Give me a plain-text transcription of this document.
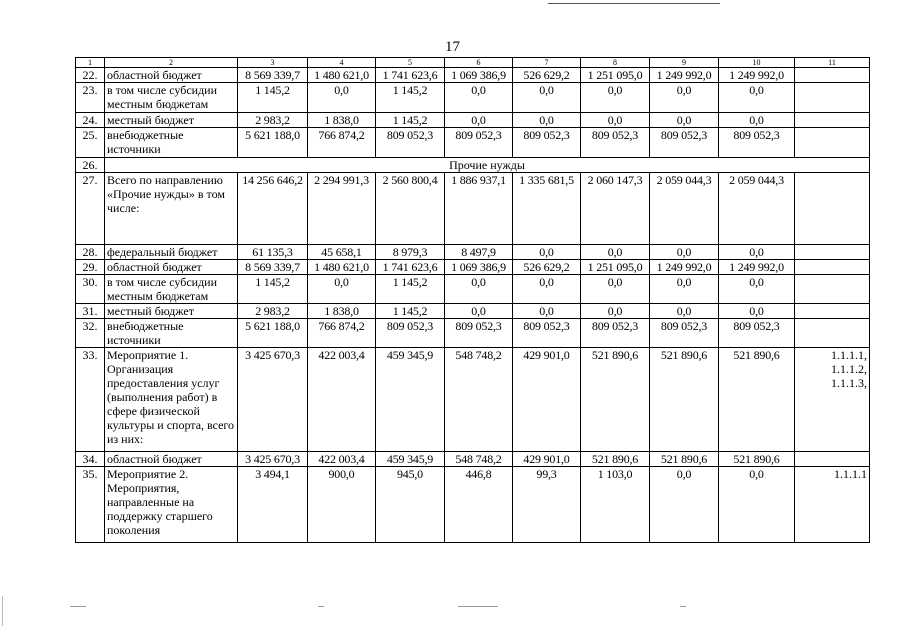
17
1	2	3	4	5	6	7	8	9	10	11
22.	областной бюджет	8 569 339,7	1 480 621,0	1 741 623,6	1 069 386,9	526 629,2	1 251 095,0	1 249 992,0	1 249 992,0	
23.	в том числе субсидии местным бюджетам	1 145,2	0,0	1 145,2	0,0	0,0	0,0	0,0	0,0	
24.	местный бюджет	2 983,2	1 838,0	1 145,2	0,0	0,0	0,0	0,0	0,0	
25.	внебюджетные источники	5 621 188,0	766 874,2	809 052,3	809 052,3	809 052,3	809 052,3	809 052,3	809 052,3	
26.	Прочие нужды									
27.	Всего по направлению «Прочие нужды» в том числе:	14 256 646,2	2 294 991,3	2 560 800,4	1 886 937,1	1 335 681,5	2 060 147,3	2 059 044,3	2 059 044,3	
28.	федеральный бюджет	61 135,3	45 658,1	8 979,3	8 497,9	0,0	0,0	0,0	0,0	
29.	областной бюджет	8 569 339,7	1 480 621,0	1 741 623,6	1 069 386,9	526 629,2	1 251 095,0	1 249 992,0	1 249 992,0	
30.	в том числе субсидии местным бюджетам	1 145,2	0,0	1 145,2	0,0	0,0	0,0	0,0	0,0	
31.	местный бюджет	2 983,2	1 838,0	1 145,2	0,0	0,0	0,0	0,0	0,0	
32.	внебюджетные источники	5 621 188,0	766 874,2	809 052,3	809 052,3	809 052,3	809 052,3	809 052,3	809 052,3	
33.	Мероприятие 1. Организация предоставления услуг (выполнения работ) в сфере физической культуры и спорта, всего из них:	3 425 670,3	422 003,4	459 345,9	548 748,2	429 901,0	521 890,6	521 890,6	521 890,6	1.1.1.1, 1.1.1.2, 1.1.1.3,
34.	областной бюджет	3 425 670,3	422 003,4	459 345,9	548 748,2	429 901,0	521 890,6	521 890,6	521 890,6	
35.	Мероприятие 2. Мероприятия, направленные на поддержку старшего поколения	3 494,1	900,0	945,0	446,8	99,3	1 103,0	0,0	0,0	1.1.1.1
